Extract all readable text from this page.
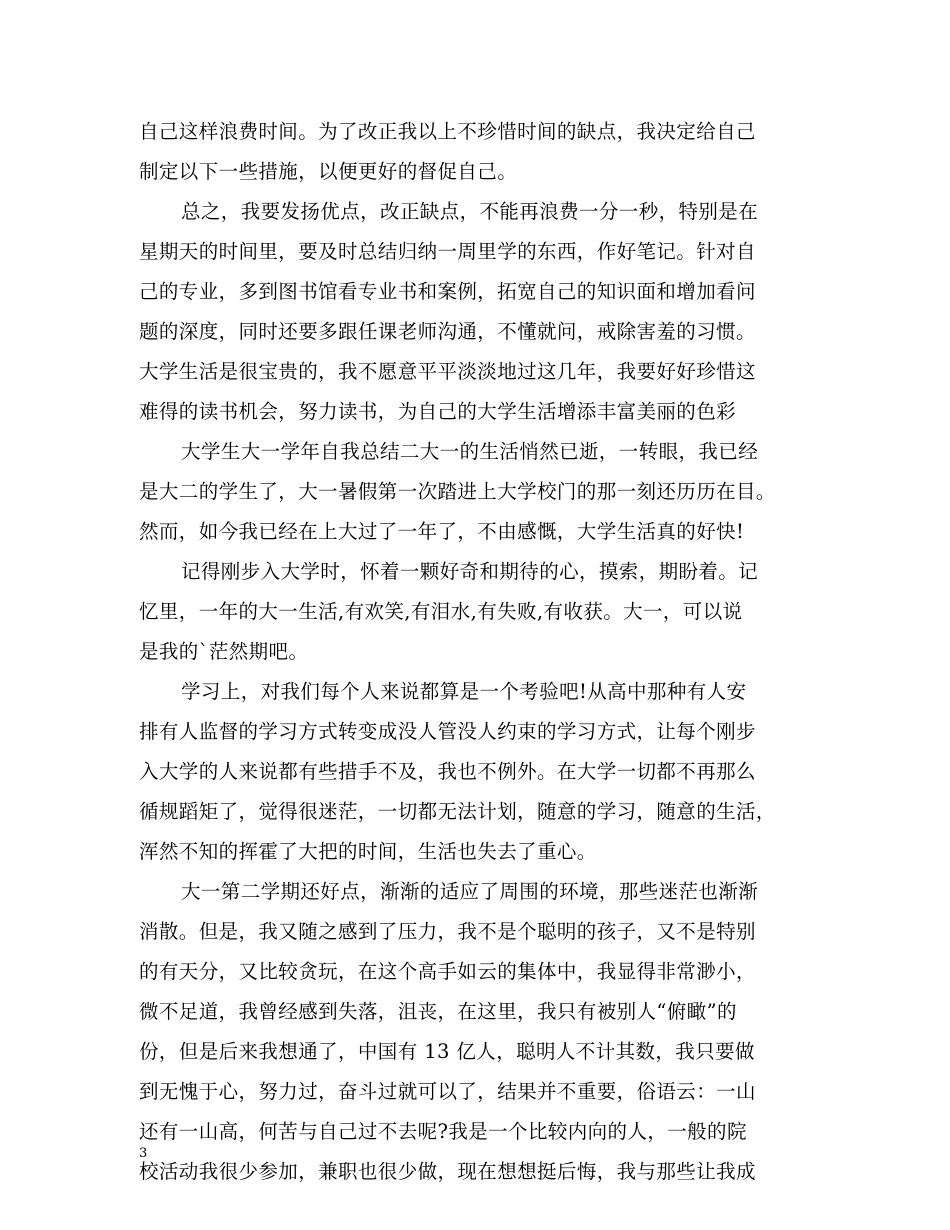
自己这样浪费时间。为了改正我以上不珍惜时间的缺点，我决定给自己
制定以下一些措施，以便更好的督促自己。
总之，我要发扬优点，改正缺点，不能再浪费一分一秒，特别是在
星期天的时间里，要及时总结归纳一周里学的东西，作好笔记。针对自
己的专业，多到图书馆看专业书和案例，拓宽自己的知识面和增加看问
题的深度，同时还要多跟任课老师沟通，不懂就问，戒除害羞的习惯。
大学生活是很宝贵的，我不愿意平平淡淡地过这几年，我要好好珍惜这
难得的读书机会，努力读书，为自己的大学生活增添丰富美丽的色彩
大学生大一学年自我总结二大一的生活悄然已逝，一转眼，我已经
是大二的学生了，大一暑假第一次踏进上大学校门的那一刻还历历在目。
然而，如今我已经在上大过了一年了，不由感慨，大学生活真的好快!
记得刚步入大学时，怀着一颗好奇和期待的心，摸索，期盼着。记
忆里，一年的大一生活,有欢笑,有泪水,有失败,有收获。大一，可以说
是我的`茫然期吧。
学习上，对我们每个人来说都算是一个考验吧!从高中那种有人安
排有人监督的学习方式转变成没人管没人约束的学习方式，让每个刚步
入大学的人来说都有些措手不及，我也不例外。在大学一切都不再那么
循规蹈矩了，觉得很迷茫，一切都无法计划，随意的学习，随意的生活，
浑然不知的挥霍了大把的时间，生活也失去了重心。
大一第二学期还好点，渐渐的适应了周围的环境，那些迷茫也渐渐
消散。但是，我又随之感到了压力，我不是个聪明的孩子，又不是特别
的有天分，又比较贪玩，在这个高手如云的集体中，我显得非常渺小，
微不足道，我曾经感到失落，沮丧，在这里，我只有被别人“俯瞰”的
份，但是后来我想通了，中国有 13 亿人，聪明人不计其数，我只要做
到无愧于心，努力过，奋斗过就可以了，结果并不重要，俗语云：一山
还有一山高，何苦与自己过不去呢?我是一个比较内向的人，一般的院
校活动我很少参加，兼职也很少做，现在想想挺后悔，我与那些让我成
3
